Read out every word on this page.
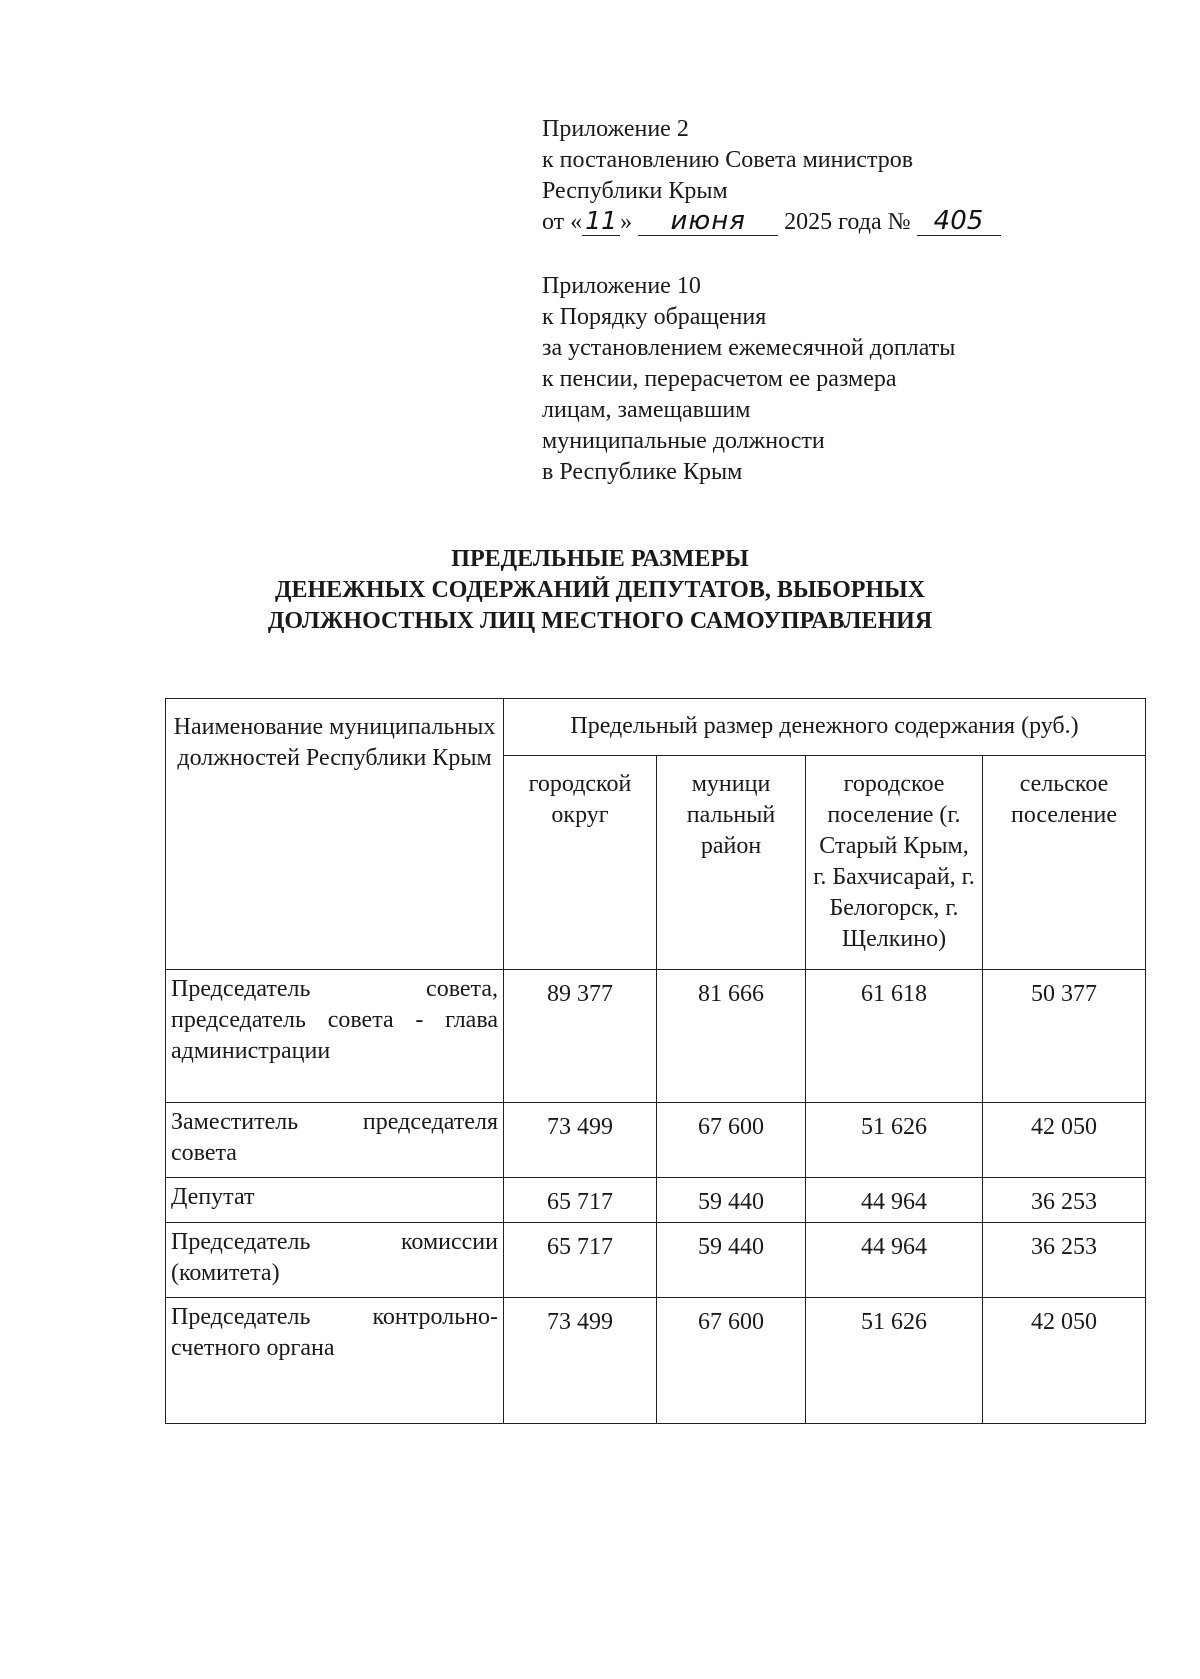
Приложение 2
к постановлению Совета министров
Республики Крым
от « 11 » июня 2025 года № 405
Приложение 10
к Порядку обращения
за установлением ежемесячной доплаты
к пенсии, перерасчетом ее размера
лицам, замещавшим
муниципальные должности
в Республике Крым
ПРЕДЕЛЬНЫЕ РАЗМЕРЫ
ДЕНЕЖНЫХ СОДЕРЖАНИЙ ДЕПУТАТОВ, ВЫБОРНЫХ
ДОЛЖНОСТНЫХ ЛИЦ МЕСТНОГО САМОУПРАВЛЕНИЯ
Наименование муниципальных должностей Республики Крым	Предельный размер денежного содержания (руб.)			
	городской округ	муници пальный район	городское поселение (г. Старый Крым, г. Бахчисарай, г. Белогорск, г. Щелкино)	сельское поселение
Председатель совета, председатель совета - глава администрации	89 377	81 666	61 618	50 377
Заместитель председателя совета	73 499	67 600	51 626	42 050
Депутат	65 717	59 440	44 964	36 253
Председатель комиссии (комитета)	65 717	59 440	44 964	36 253
Председатель контрольно-счетного органа	73 499	67 600	51 626	42 050
